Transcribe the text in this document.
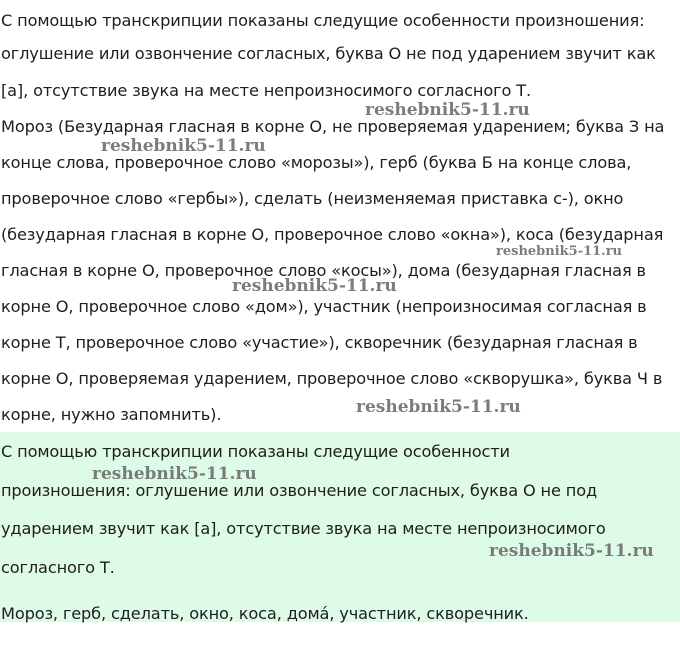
С помощью транскрипции показаны следущие особенности произношения:
оглушение или озвончение согласных, буква О не под ударением звучит как
[а], отсутствие звука на месте непроизносимого согласного Т.
Мороз (Безударная гласная в корне О, не проверяемая ударением; буква З на
конце слова, проверочное слово «морозы»), герб (буква Б на конце слова,
проверочное слово «гербы»), сделать (неизменяемая приставка с-), окно
(безударная гласная в корне О, проверочное слово «окна»), коса (безударная
гласная в корне О, проверочное слово «косы»), дома (безударная гласная в
корне О, проверочное слово «дом»), участник (непроизносимая согласная в
корне Т, проверочное слово «участие»), скворечник (безударная гласная в
корне О, проверяемая ударением, проверочное слово «скворушка», буква Ч в
корне, нужно запомнить).
С помощью транскрипции показаны следущие особенности
произношения: оглушение или озвончение согласных, буква О не под
ударением звучит как [а], отсутствие звука на месте непроизносимого
согласного Т.
Мороз, герб, сделать, окно, коса, домá, участник, скворечник.
reshebnik5-11.ru
reshebnik5-11.ru
reshebnik5-11.ru
reshebnik5-11.ru
reshebnik5-11.ru
reshebnik5-11.ru
reshebnik5-11.ru
